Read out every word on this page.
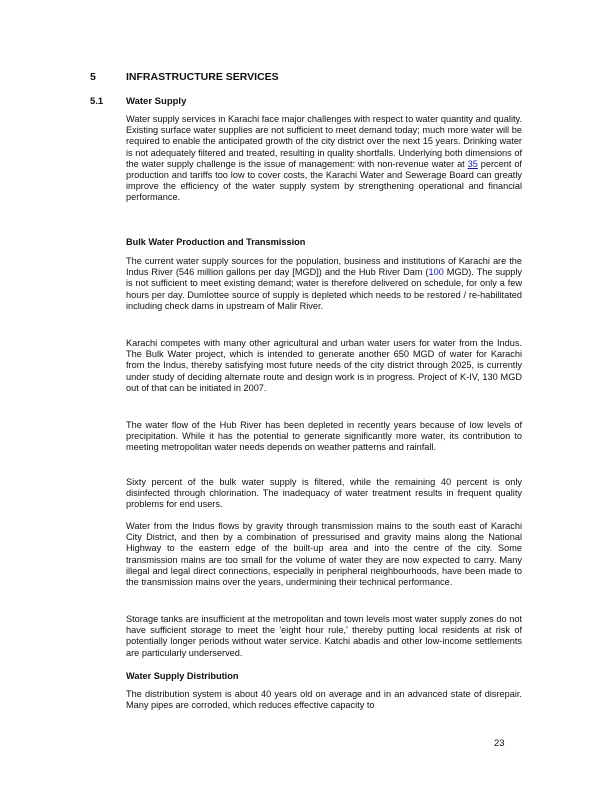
5	INFRASTRUCTURE SERVICES
5.1 Water Supply

Water supply services in Karachi face major challenges with respect to water quantity and quality. Existing surface water supplies are not sufficient to meet demand today; much more water will be required to enable the anticipated growth of the city district over the next 15 years. Drinking water is not adequately filtered and treated, resulting in quality shortfalls. Underlying both dimensions of the water supply challenge is the issue of management: with non-revenue water at 35 percent of production and tariffs too low to cover costs, the Karachi Water and Sewerage Board can greatly improve the efficiency of the water supply system by strengthening operational and financial performance.

Bulk Water Production and Transmission

The current water supply sources for the population, business and institutions of Karachi are the Indus River (546 million gallons per day [MGD]) and the Hub River Dam (100 MGD). The supply is not sufficient to meet existing demand; water is therefore delivered on schedule, for only a few hours per day. Dumlottee source of supply is depleted which needs to be restored / re-habilitated including check dams in upstream of Malir River.

Karachi competes with many other agricultural and urban water users for water from the Indus. The Bulk Water project, which is intended to generate another 650 MGD of water for Karachi from the Indus, thereby satisfying most future needs of the city district through 2025, is currently under study of deciding alternate route and design work is in progress. Project of K-IV, 130 MGD out of that can be initiated in 2007.

The water flow of the Hub River has been depleted in recently years because of low levels of precipitation. While it has the potential to generate significantly more water, its contribution to meeting metropolitan water needs depends on weather patterns and rainfall.

Sixty percent of the bulk water supply is filtered, while the remaining 40 percent is only disinfected through chlorination. The inadequacy of water treatment results in frequent quality problems for end users.

Water from the Indus flows by gravity through transmission mains to the south east of Karachi City District, and then by a combination of pressurised and gravity mains along the National Highway to the eastern edge of the built-up area and into the centre of the city. Some transmission mains are too small for the volume of water they are now expected to carry. Many illegal and legal direct connections, especially in peripheral neighbourhoods, have been made to the transmission mains over the years, undermining their technical performance.

Storage tanks are insufficient at the metropolitan and town levels most water supply zones do not have sufficient storage to meet the 'eight hour rule,' thereby putting local residents at risk of potentially longer periods without water service. Katchi abadis and other low-income settlements are particularly underserved.

Water Supply Distribution

The distribution system is about 40 years old on average and in an advanced state of disrepair. Many pipes are corroded, which reduces effective capacity to

23
